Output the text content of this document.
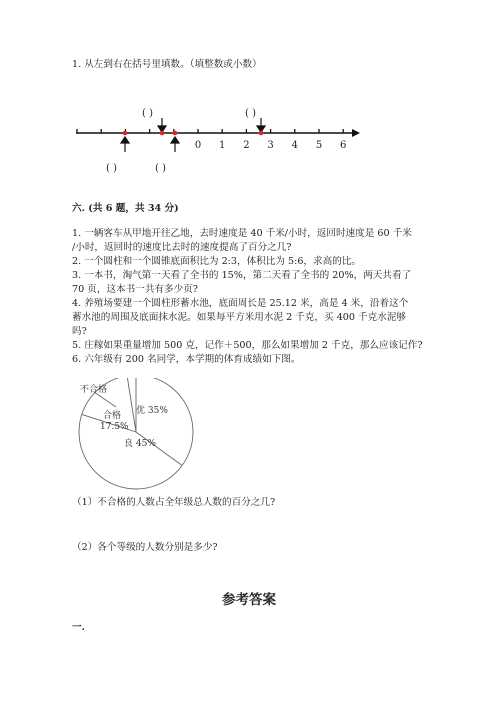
1. 从左到右在括号里填数。（填整数或小数）
( )	( )
0 1 2 3 4 5 6
( )	( )
六. (共 6 题，共 34 分)
1. 一辆客车从甲地开往乙地，去时速度是 40 千米/小时，返回时速度是 60 千米
/小时，返回时的速度比去时的速度提高了百分之几?
2. 一个圆柱和一个圆锥底面积比为 2:3，体积比为 5:6，求高的比。
3. 一本书，淘气第一天看了全书的 15%，第二天看了全书的 20%，两天共看了
70 页，这本书一共有多少页?
4. 养殖场要建一个圆柱形蓄水池，底面周长是 25.12 米，高是 4 米，沿着这个
蓄水池的周围及底面抹水泥。如果每平方米用水泥 2 千克，买 400 千克水泥够
吗?
5. 庄稼如果重量增加 500 克，记作＋500，那么如果增加 2 千克，那么应该记作?
6. 六年级有 200 名同学，本学期的体育成绩如下图。
不合格
合格
17.5%
优 35%
良 45%
（1）不合格的人数占全年级总人数的百分之几?
（2）各个等级的人数分别是多少?
参考答案
一.
